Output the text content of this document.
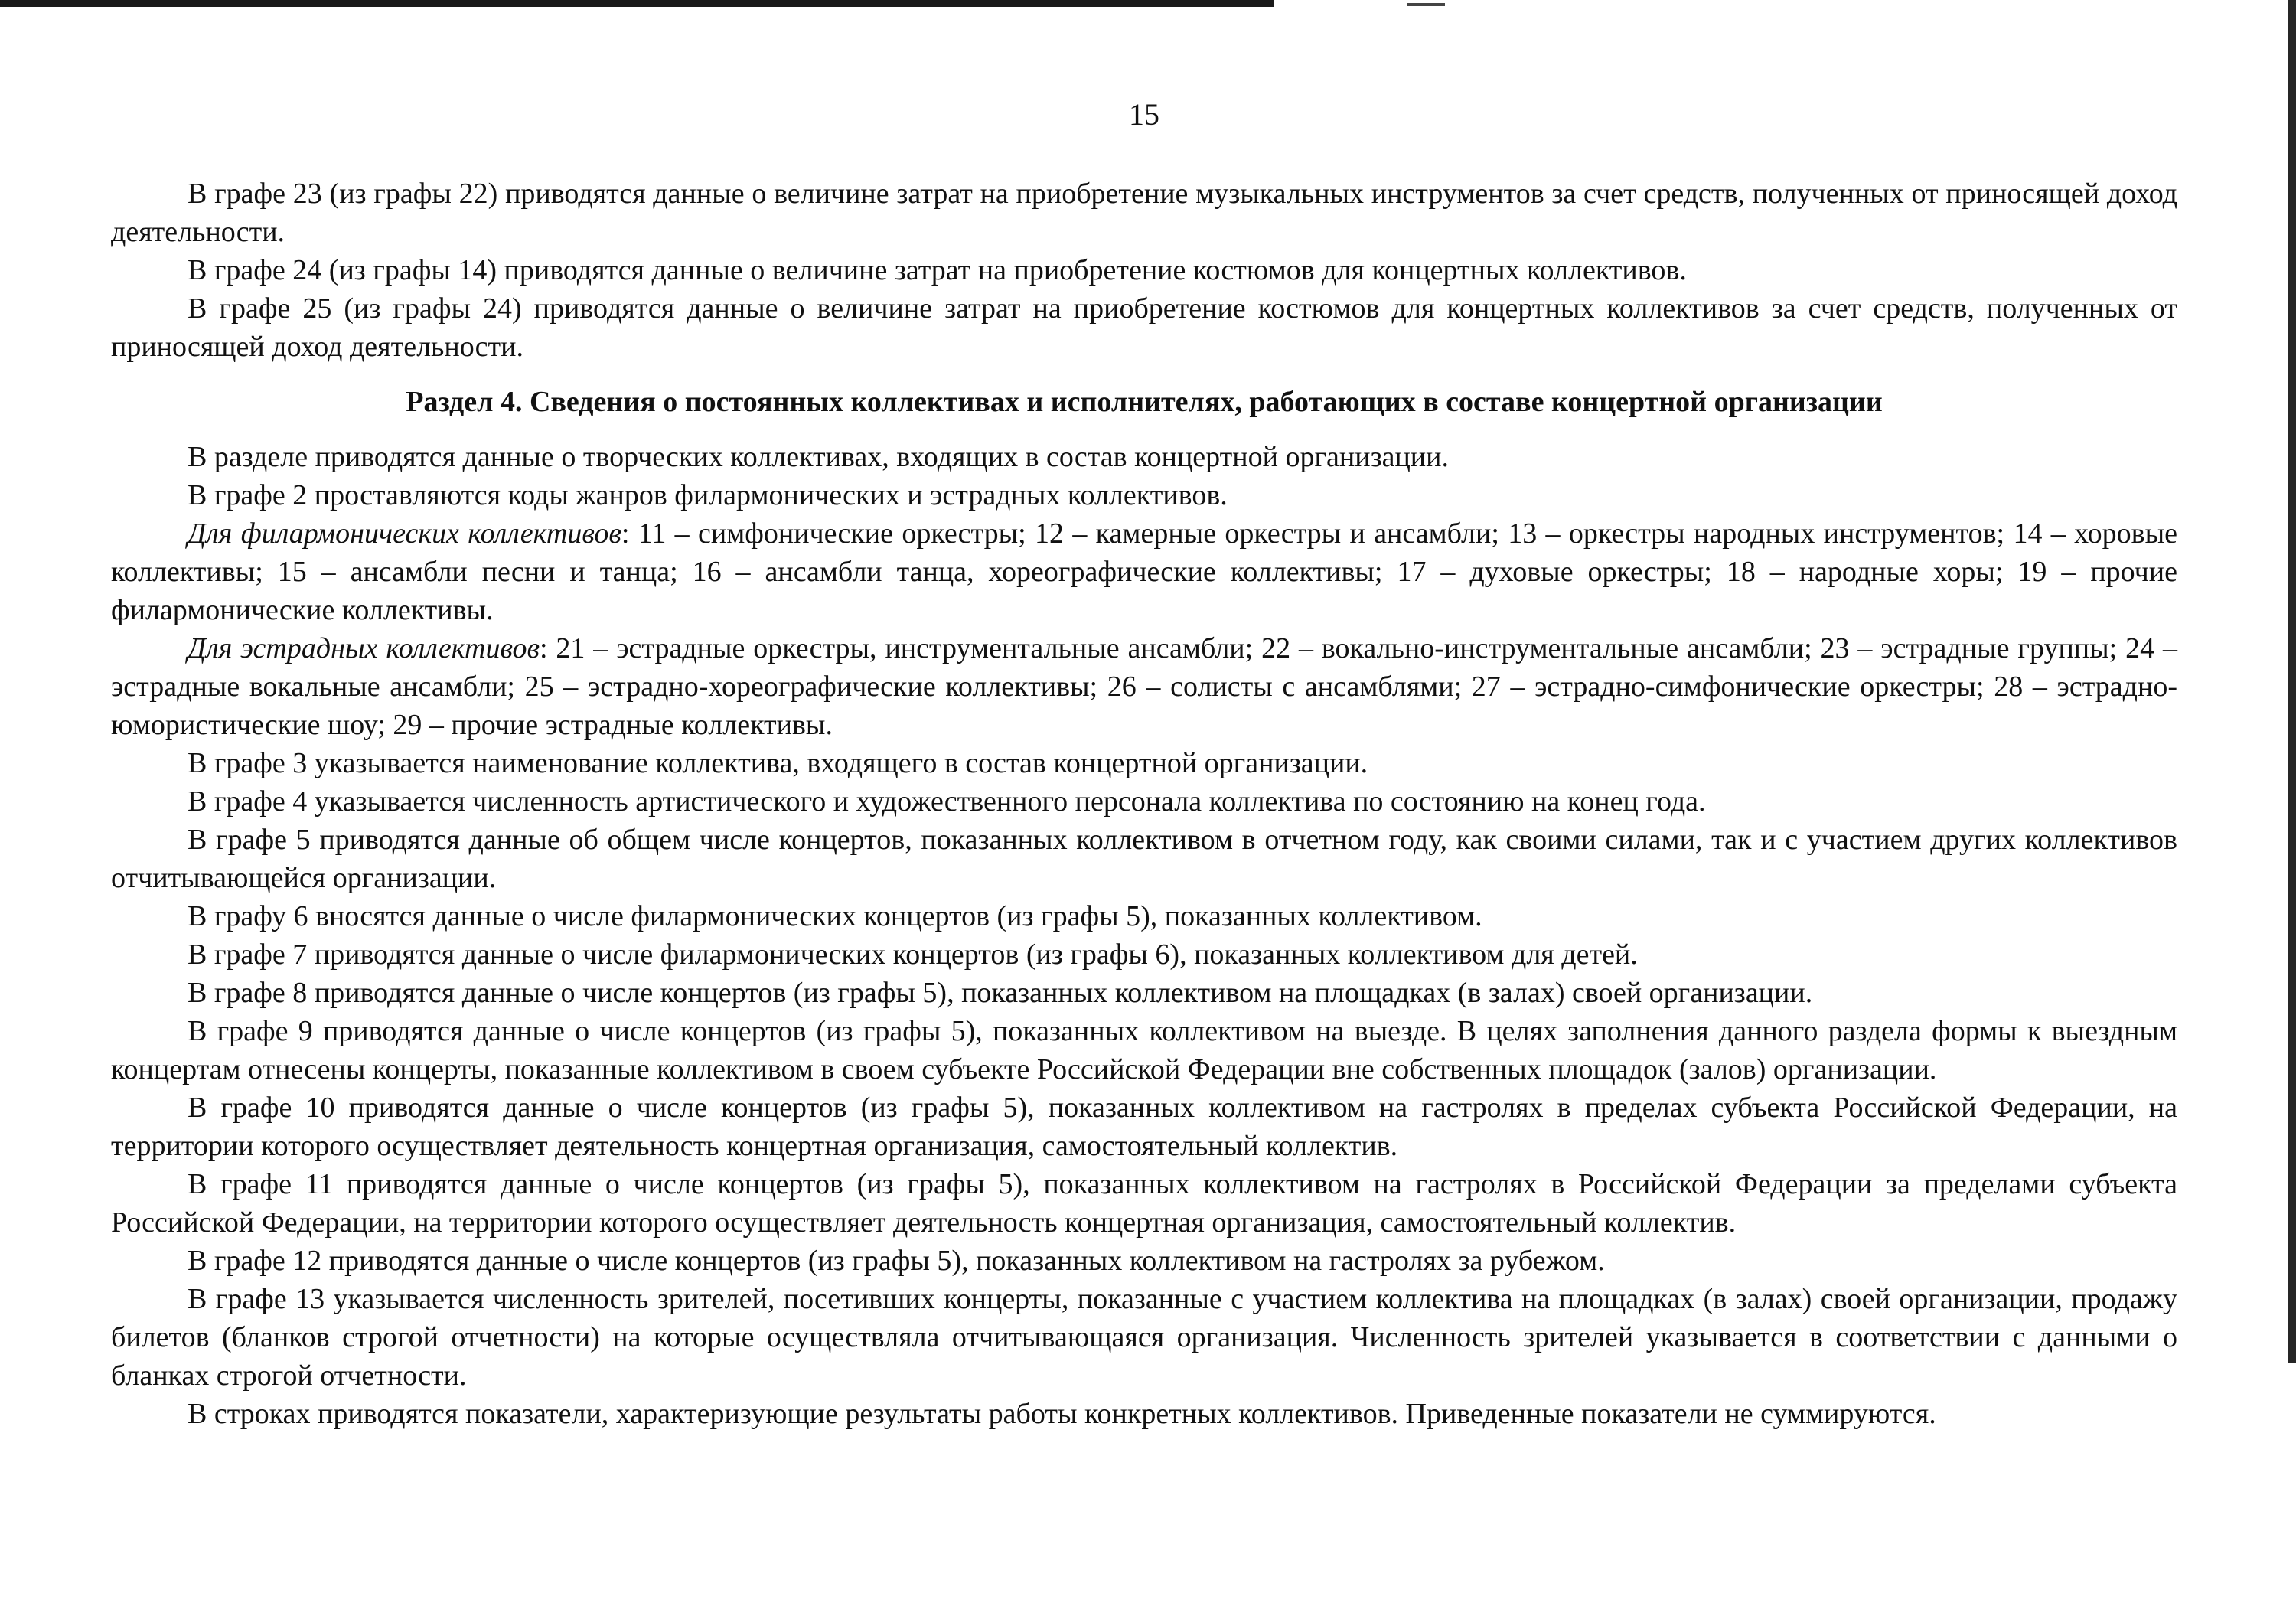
15

В графе 23 (из графы 22) приводятся данные о величине затрат на приобретение музыкальных инструментов за счет средств, полученных от приносящей доход деятельности.

В графе 24 (из графы 14) приводятся данные о величине затрат на приобретение костюмов для концертных коллективов.

В графе 25 (из графы 24) приводятся данные о величине затрат на приобретение костюмов для концертных коллективов за счет средств, полученных от приносящей доход деятельности.

Раздел 4. Сведения о постоянных коллективах и исполнителях, работающих в составе концертной организации

В разделе приводятся данные о творческих коллективах, входящих в состав концертной организации.

В графе 2 проставляются коды жанров филармонических и эстрадных коллективов.

Для филармонических коллективов: 11 – симфонические оркестры; 12 – камерные оркестры и ансамбли; 13 – оркестры народных инструментов; 14 – хоровые коллективы; 15 – ансамбли песни и танца; 16 – ансамбли танца, хореографические коллективы; 17 – духовые оркестры; 18 – народные хоры; 19 – прочие филармонические коллективы.

Для эстрадных коллективов: 21 – эстрадные оркестры, инструментальные ансамбли; 22 – вокально-инструментальные ансамбли; 23 – эстрадные группы; 24 – эстрадные вокальные ансамбли; 25 – эстрадно-хореографические коллективы; 26 – солисты с ансамблями; 27 – эстрадно-симфонические оркестры; 28 – эстрадно-юмористические шоу; 29 – прочие эстрадные коллективы.

В графе 3 указывается наименование коллектива, входящего в состав концертной организации.

В графе 4 указывается численность артистического и художественного персонала коллектива по состоянию на конец года.

В графе 5 приводятся данные об общем числе концертов, показанных коллективом в отчетном году, как своими силами, так и с участием других коллективов отчитывающейся организации.

В графу 6 вносятся данные о числе филармонических концертов (из графы 5), показанных коллективом.

В графе 7 приводятся данные о числе филармонических концертов (из графы 6), показанных коллективом для детей.

В графе 8 приводятся данные о числе концертов (из графы 5), показанных коллективом на площадках (в залах) своей организации.

В графе 9 приводятся данные о числе концертов (из графы 5), показанных коллективом на выезде. В целях заполнения данного раздела формы к выездным концертам отнесены концерты, показанные коллективом в своем субъекте Российской Федерации вне собственных площадок (залов) организации.

В графе 10 приводятся данные о числе концертов (из графы 5), показанных коллективом на гастролях в пределах субъекта Российской Федерации, на территории которого осуществляет деятельность концертная организация, самостоятельный коллектив.

В графе 11 приводятся данные о числе концертов (из графы 5), показанных коллективом на гастролях в Российской Федерации за пределами субъекта Российской Федерации, на территории которого осуществляет деятельность концертная организация, самостоятельный коллектив.

В графе 12 приводятся данные о числе концертов (из графы 5), показанных коллективом на гастролях за рубежом.

В графе 13 указывается численность зрителей, посетивших концерты, показанные с участием коллектива на площадках (в залах) своей организации, продажу билетов (бланков строгой отчетности) на которые осуществляла отчитывающаяся организация. Численность зрителей указывается в соответствии с данными о бланках строгой отчетности.

В строках приводятся показатели, характеризующие результаты работы конкретных коллективов. Приведенные показатели не суммируются.
